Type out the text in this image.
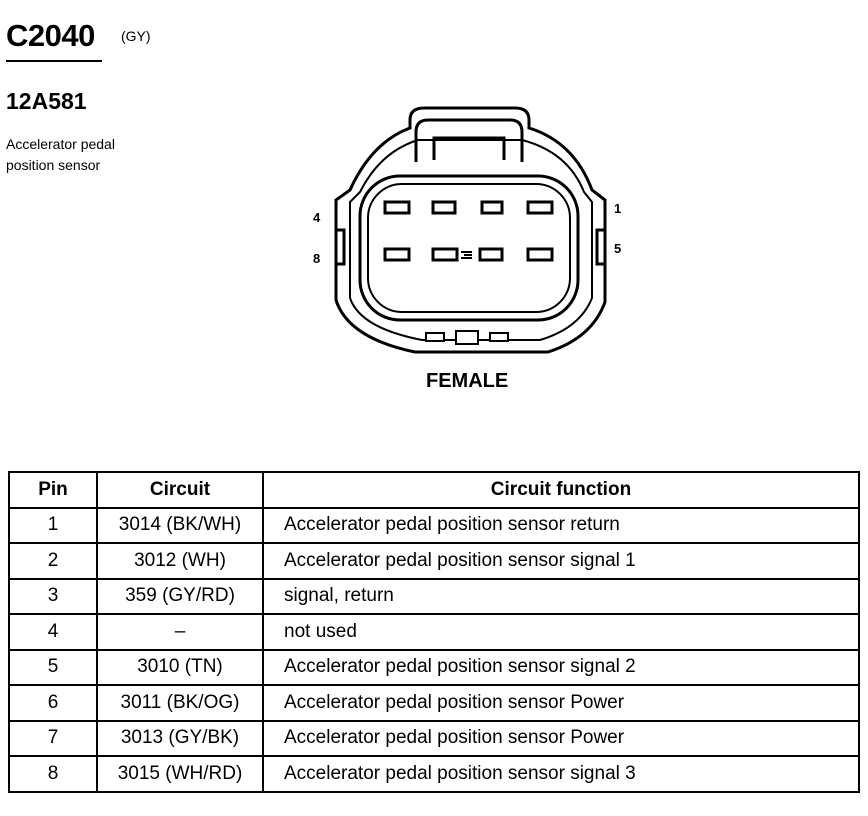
C2040 (GY)
12A581
Accelerator pedal
position sensor
4
8
1
5
FEMALE
Pin	Circuit	Circuit function
1	3014 (BK/WH)	Accelerator pedal position sensor return
2	3012 (WH)	Accelerator pedal position sensor signal 1
3	359 (GY/RD)	signal, return
4	–	not used
5	3010 (TN)	Accelerator pedal position sensor signal 2
6	3011 (BK/OG)	Accelerator pedal position sensor Power
7	3013 (GY/BK)	Accelerator pedal position sensor Power
8	3015 (WH/RD)	Accelerator pedal position sensor signal 3
